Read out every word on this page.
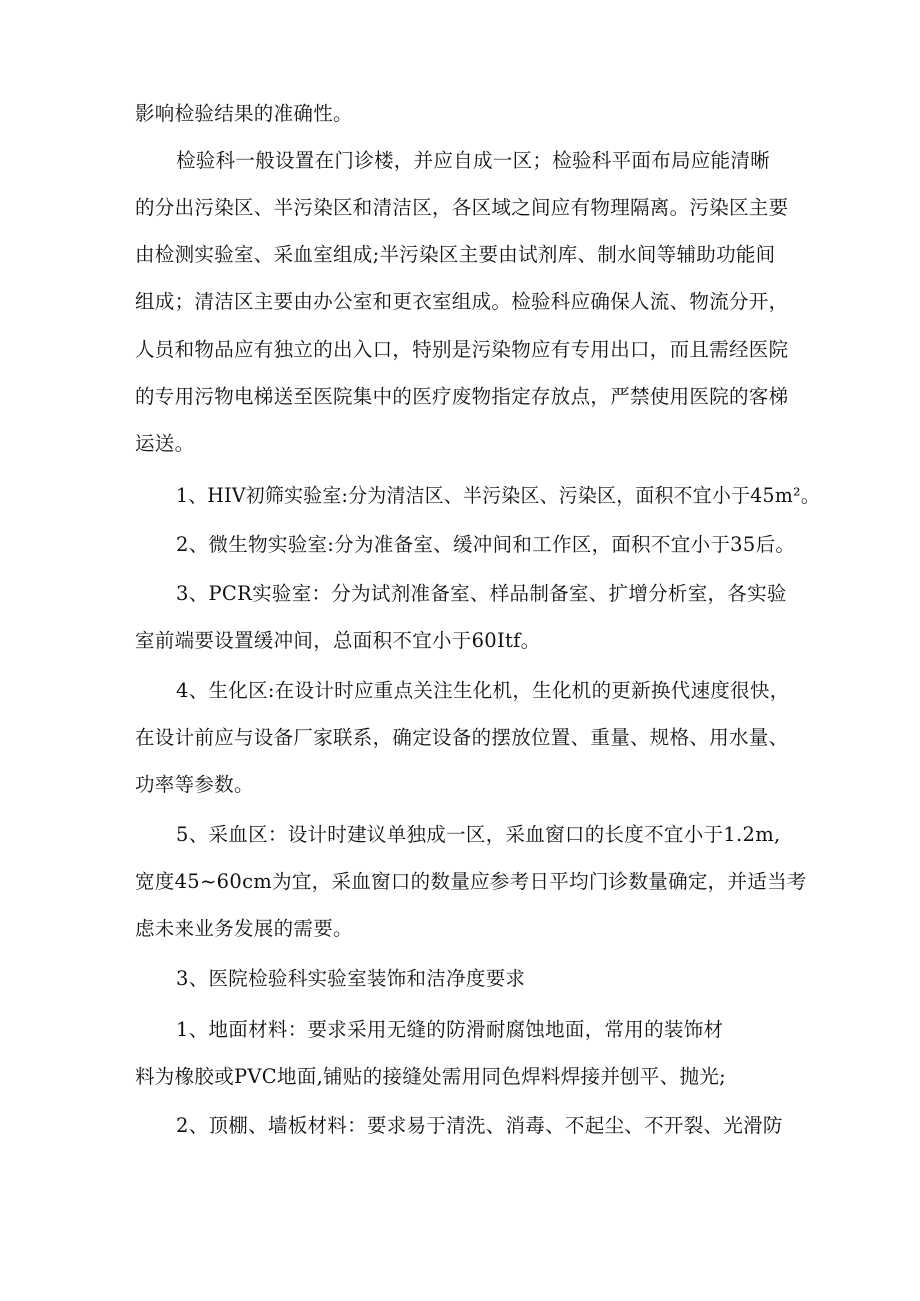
影响检验结果的准确性。
检验科一般设置在门诊楼，并应自成一区；检验科平面布局应能清晰
的分出污染区、半污染区和清洁区，各区域之间应有物理隔离。污染区主要
由检测实验室、采血室组成;半污染区主要由试剂库、制水间等辅助功能间
组成；清洁区主要由办公室和更衣室组成。检验科应确保人流、物流分开，
人员和物品应有独立的出入口，特别是污染物应有专用出口，而且需经医院
的专用污物电梯送至医院集中的医疗废物指定存放点，严禁使用医院的客梯
运送。
1、HIV初筛实验室:分为清洁区、半污染区、污染区，面积不宜小于45m²。
2、微生物实验室:分为准备室、缓冲间和工作区，面积不宜小于35后。
3、PCR实验室：分为试剂准备室、样品制备室、扩增分析室，各实验
室前端要设置缓冲间，总面积不宜小于60Itf。
4、生化区:在设计时应重点关注生化机，生化机的更新换代速度很快，
在设计前应与设备厂家联系，确定设备的摆放位置、重量、规格、用水量、
功率等参数。
5、采血区：设计时建议单独成一区，采血窗口的长度不宜小于1.2m,
宽度45~60cm为宜，采血窗口的数量应参考日平均门诊数量确定，并适当考
虑未来业务发展的需要。
3、医院检验科实验室装饰和洁净度要求
1、地面材料：要求采用无缝的防滑耐腐蚀地面，常用的装饰材
料为橡胶或PVC地面,铺贴的接缝处需用同色焊料焊接并刨平、抛光;
2、顶棚、墙板材料：要求易于清洗、消毒、不起尘、不开裂、光滑防
